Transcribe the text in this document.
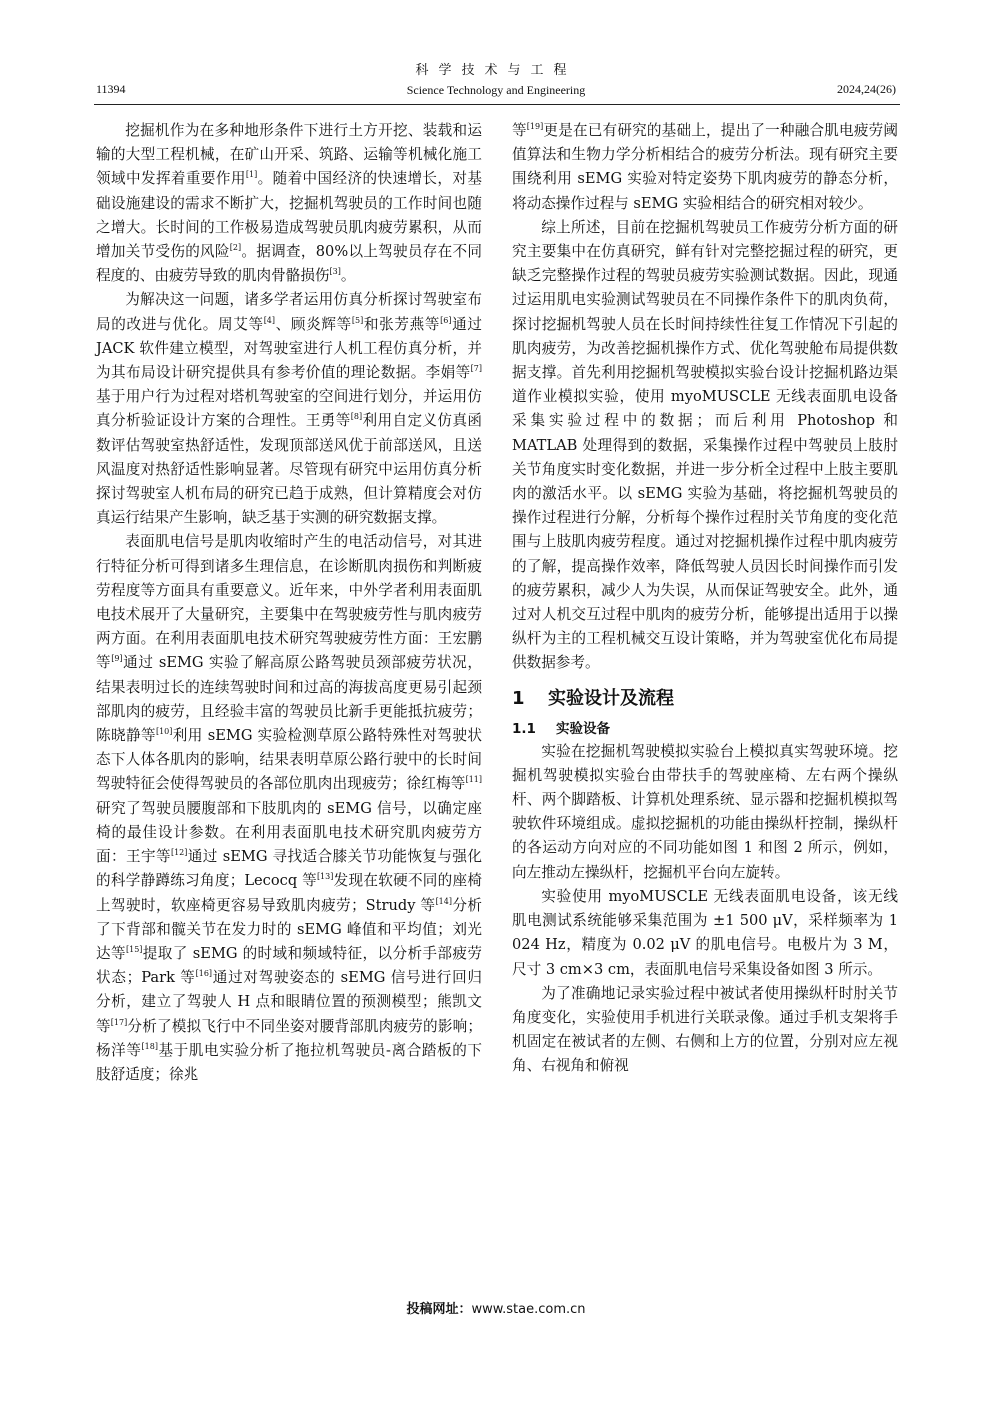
科学技术与工程
Science Technology and Engineering
11394	2024,24(26)

挖掘机作为在多种地形条件下进行土方开挖、装载和运输的大型工程机械，在矿山开采、筑路、运输等机械化施工领域中发挥着重要作用[1]。随着中国经济的快速增长，对基础设施建设的需求不断扩大，挖掘机驾驶员的工作时间也随之增大。长时间的工作极易造成驾驶员肌肉疲劳累积，从而增加关节受伤的风险[2]。据调查，80%以上驾驶员存在不同程度的、由疲劳导致的肌肉骨骼损伤[3]。

为解决这一问题，诸多学者运用仿真分析探讨驾驶室布局的改进与优化。周艾等[4]、顾炎辉等[5]和张芳燕等[6]通过 JACK 软件建立模型，对驾驶室进行人机工程仿真分析，并为其布局设计研究提供具有参考价值的理论数据。李娟等[7]基于用户行为过程对塔机驾驶室的空间进行划分，并运用仿真分析验证设计方案的合理性。王勇等[8]利用自定义仿真函数评估驾驶室热舒适性，发现顶部送风优于前部送风，且送风温度对热舒适性影响显著。尽管现有研究中运用仿真分析探讨驾驶室人机布局的研究已趋于成熟，但计算精度会对仿真运行结果产生影响，缺乏基于实测的研究数据支撑。

表面肌电信号是肌肉收缩时产生的电活动信号，对其进行特征分析可得到诸多生理信息，在诊断肌肉损伤和判断疲劳程度等方面具有重要意义。近年来，中外学者利用表面肌电技术展开了大量研究，主要集中在驾驶疲劳性与肌肉疲劳两方面。在利用表面肌电技术研究驾驶疲劳性方面：王宏鹏等[9]通过 sEMG 实验了解高原公路驾驶员颈部疲劳状况，结果表明过长的连续驾驶时间和过高的海拔高度更易引起颈部肌肉的疲劳，且经验丰富的驾驶员比新手更能抵抗疲劳；陈晓静等[10]利用 sEMG 实验检测草原公路特殊性对驾驶状态下人体各肌肉的影响，结果表明草原公路行驶中的长时间驾驶特征会使得驾驶员的各部位肌肉出现疲劳；徐红梅等[11]研究了驾驶员腰腹部和下肢肌肉的 sEMG 信号，以确定座椅的最佳设计参数。在利用表面肌电技术研究肌肉疲劳方面：王宇等[12]通过 sEMG 寻找适合膝关节功能恢复与强化的科学静蹲练习角度；Lecocq 等[13]发现在软硬不同的座椅上驾驶时，软座椅更容易导致肌肉疲劳；Strudy 等[14]分析了下背部和髋关节在发力时的 sEMG 峰值和平均值；刘光达等[15]提取了 sEMG 的时域和频域特征，以分析手部疲劳状态；Park 等[16]通过对驾驶姿态的 sEMG 信号进行回归分析，建立了驾驶人 H 点和眼睛位置的预测模型；熊凯文等[17]分析了模拟飞行中不同坐姿对腰背部肌肉疲劳的影响；杨洋等[18]基于肌电实验分析了拖拉机驾驶员-离合踏板的下肢舒适度；徐兆

等[19]更是在已有研究的基础上，提出了一种融合肌电疲劳阈值算法和生物力学分析相结合的疲劳分析法。现有研究主要围绕利用 sEMG 实验对特定姿势下肌肉疲劳的静态分析，将动态操作过程与 sEMG 实验相结合的研究相对较少。

综上所述，目前在挖掘机驾驶员工作疲劳分析方面的研究主要集中在仿真研究，鲜有针对完整挖掘过程的研究，更缺乏完整操作过程的驾驶员疲劳实验测试数据。因此，现通过运用肌电实验测试驾驶员在不同操作条件下的肌肉负荷，探讨挖掘机驾驶人员在长时间持续性往复工作情况下引起的肌肉疲劳，为改善挖掘机操作方式、优化驾驶舱布局提供数据支撑。首先利用挖掘机驾驶模拟实验台设计挖掘机路边渠道作业模拟实验，使用 myoMUSCLE 无线表面肌电设备采集实验过程中的数据；而后利用 Photoshop 和 MATLAB 处理得到的数据，采集操作过程中驾驶员上肢肘关节角度实时变化数据，并进一步分析全过程中上肢主要肌肉的激活水平。以 sEMG 实验为基础，将挖掘机驾驶员的操作过程进行分解，分析每个操作过程肘关节角度的变化范围与上肢肌肉疲劳程度。通过对挖掘机操作过程中肌肉疲劳的了解，提高操作效率，降低驾驶人员因长时间操作而引发的疲劳累积，减少人为失误，从而保证驾驶安全。此外，通过对人机交互过程中肌肉的疲劳分析，能够提出适用于以操纵杆为主的工程机械交互设计策略，并为驾驶室优化布局提供数据参考。

1 实验设计及流程
1.1 实验设备

实验在挖掘机驾驶模拟实验台上模拟真实驾驶环境。挖掘机驾驶模拟实验台由带扶手的驾驶座椅、左右两个操纵杆、两个脚踏板、计算机处理系统、显示器和挖掘机模拟驾驶软件环境组成。虚拟挖掘机的功能由操纵杆控制，操纵杆的各运动方向对应的不同功能如图 1 和图 2 所示，例如，向左推动左操纵杆，挖掘机平台向左旋转。

实验使用 myoMUSCLE 无线表面肌电设备，该无线肌电测试系统能够采集范围为 ±1 500 μV，采样频率为 1 024 Hz，精度为 0.02 μV 的肌电信号。电极片为 3 M，尺寸 3 cm×3 cm，表面肌电信号采集设备如图 3 所示。

为了准确地记录实验过程中被试者使用操纵杆时肘关节角度变化，实验使用手机进行关联录像。通过手机支架将手机固定在被试者的左侧、右侧和上方的位置，分别对应左视角、右视角和俯视

投稿网址：www.stae.com.cn
